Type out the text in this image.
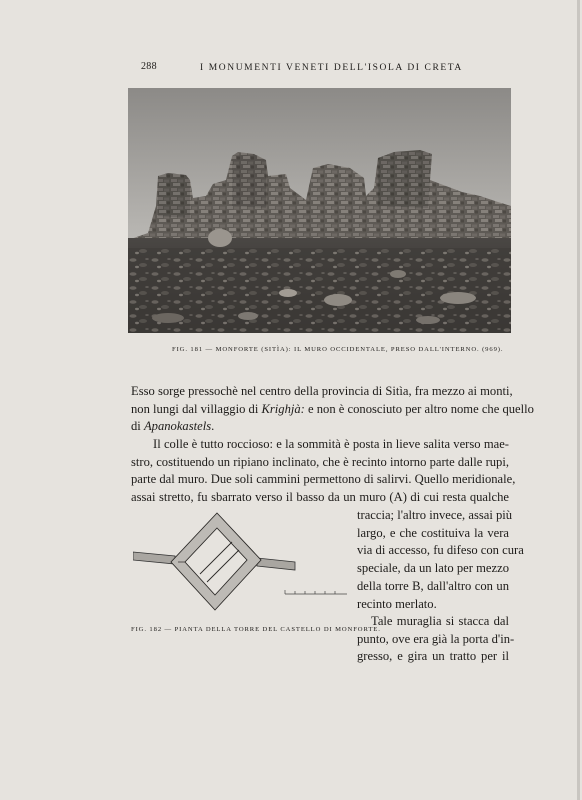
288	I MONUMENTI VENETI DELL'ISOLA DI CRETA
FIG. 181 — MONFORTE (SITÌA): IL MURO OCCIDENTALE, PRESO DALL'INTERNO. (969).
Esso sorge pressochè nel centro della provincia di Sitìa, fra mezzo ai monti,
non lungi dal villaggio di Krighjà: e non è conosciuto per altro nome che quello
di Apanokastels.
Il colle è tutto roccioso: e la sommità è posta in lieve salita verso mae-
stro, costituendo un ripiano inclinato, che è recinto intorno parte dalle rupi,
parte dal muro. Due soli cammini permettono di salirvi. Quello meridionale,
assai stretto, fu sbarrato verso il basso da un muro (A) di cui resta qualche
traccia; l'altro invece, assai più
largo, e che costituiva la vera
via di accesso, fu difeso con cura
speciale, da un lato per mezzo
della torre B, dall'altro con un
recinto merlato.
Tale muraglia si stacca dal
punto, ove era già la porta d'in-
gresso, e gira un tratto per il
FIG. 182 — PIANTA DELLA TORRE DEL CASTELLO DI MONFORTE.
